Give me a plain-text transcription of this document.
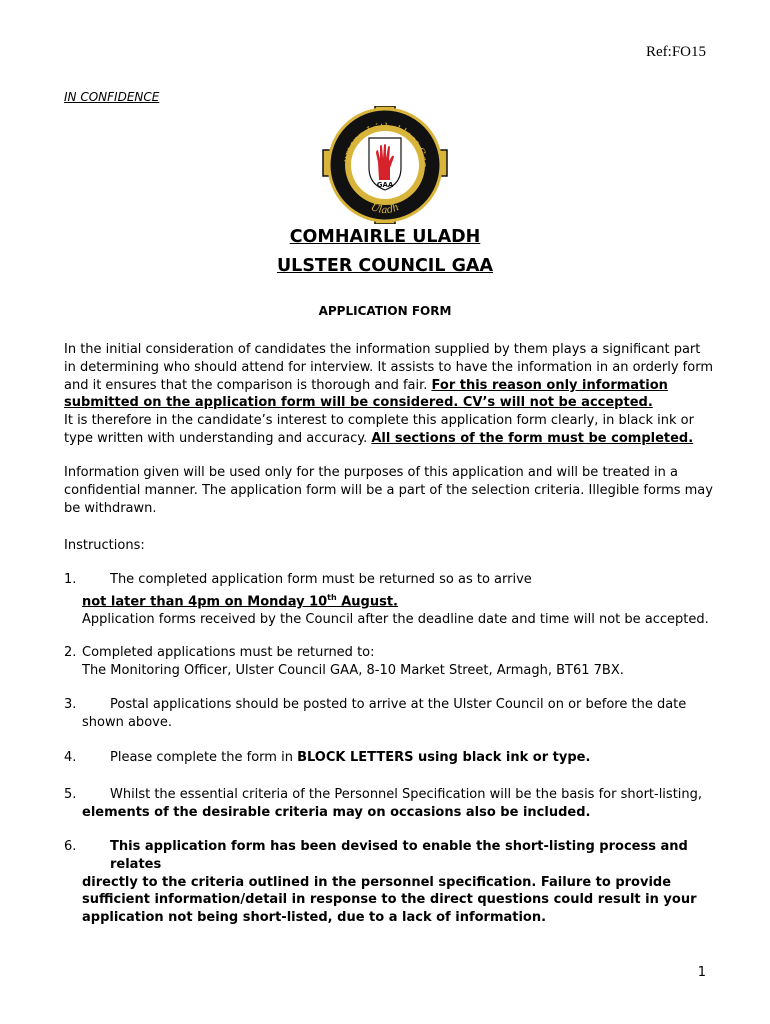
Ref:FO15
IN CONFIDENCE
umann Lúthchleas Gae
Uladh
GAA
COMHAIRLE ULADH
ULSTER COUNCIL GAA
APPLICATION FORM
In the initial consideration of candidates the information supplied by them plays a significant part in determining who should attend for interview. It assists to have the information in an orderly form and it ensures that the comparison is thorough and fair. For this reason only information submitted on the application form will be considered. CV’s will not be accepted.
It is therefore in the candidate’s interest to complete this application form clearly, in black ink or type written with understanding and accuracy. All sections of the form must be completed.
Information given will be used only for the purposes of this application and will be treated in a confidential manner. The application form will be a part of the selection criteria. Illegible forms may be withdrawn.
Instructions:
1.	The completed application form must be returned so as to arrive
not later than 4pm on Monday 10th August.
Application forms received by the Council after the deadline date and time will not be accepted.
2. Completed applications must be returned to:
The Monitoring Officer, Ulster Council GAA, 8-10 Market Street, Armagh, BT61 7BX.
3.	Postal applications should be posted to arrive at the Ulster Council on or before the date
shown above.
4.	Please complete the form in BLOCK LETTERS using black ink or type.
5.	Whilst the essential criteria of the Personnel Specification will be the basis for short-listing,
elements of the desirable criteria may on occasions also be included.
6.	This application form has been devised to enable the short-listing process and relates
directly to the criteria outlined in the personnel specification. Failure to provide sufficient information/detail in response to the direct questions could result in your application not being short-listed, due to a lack of information.
1
